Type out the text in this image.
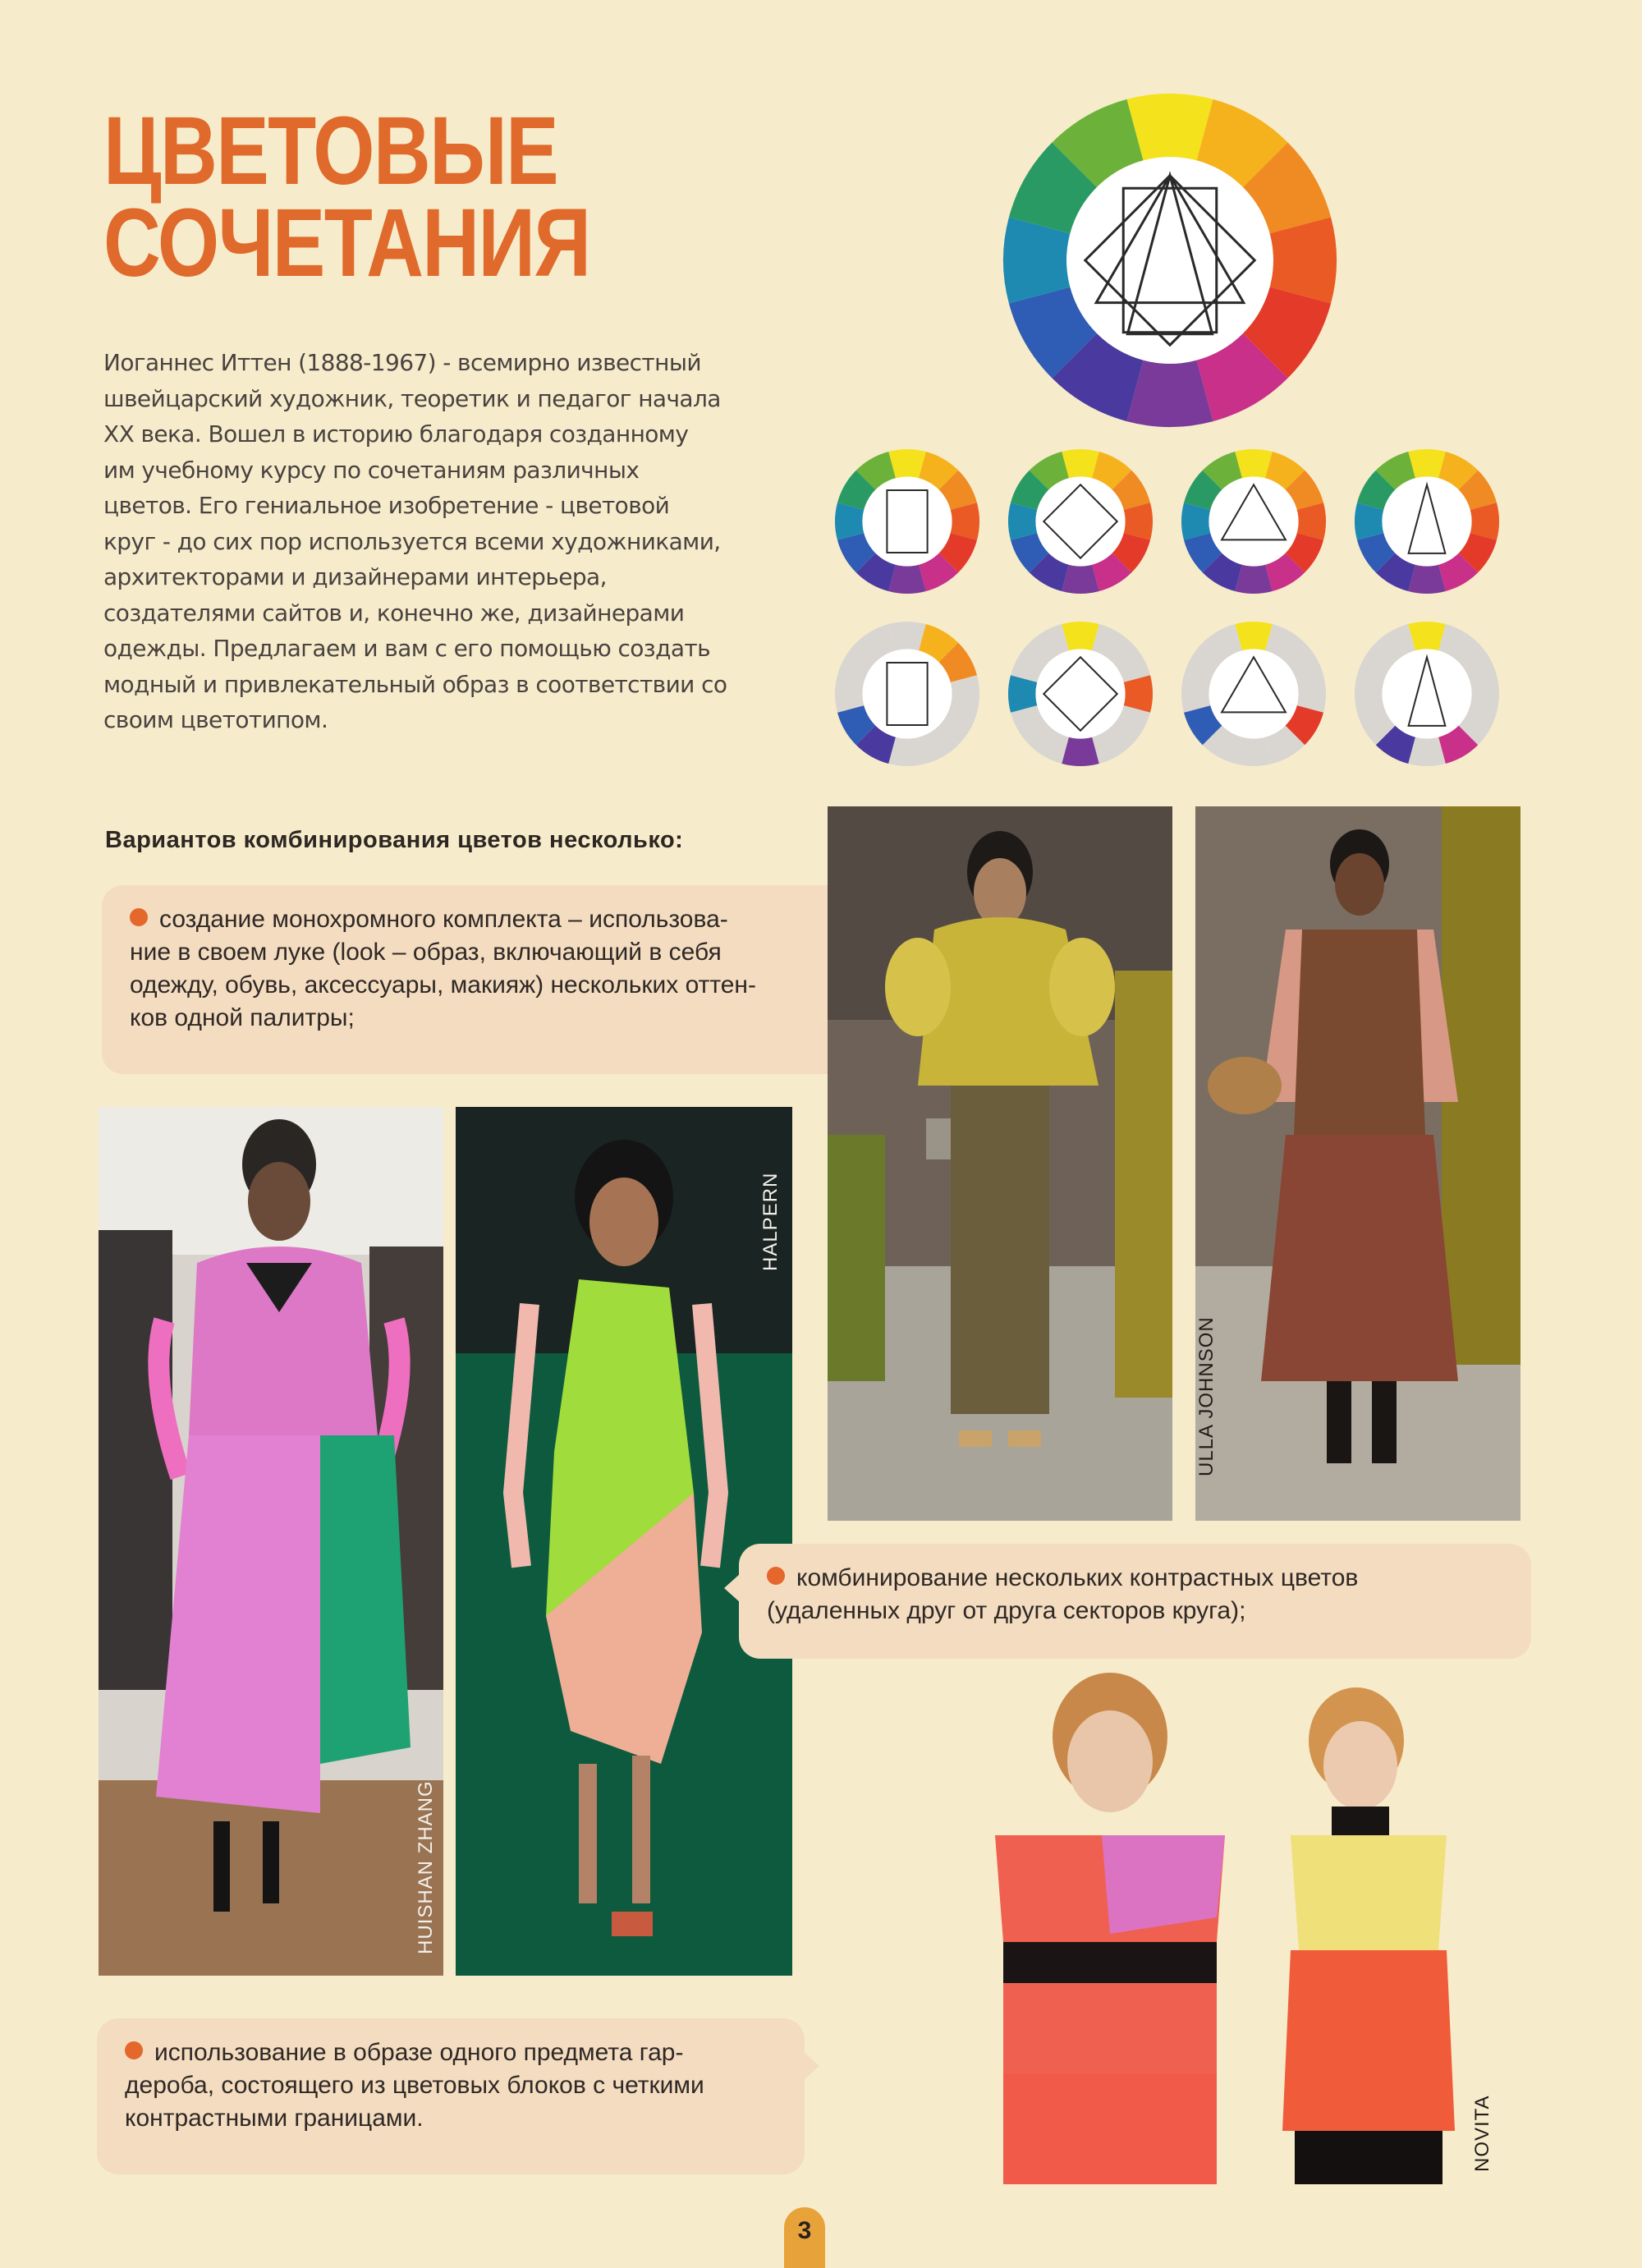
ЦВЕТОВЫЕ
СОЧЕТАНИЯ
Иоганнес Иттен (1888-1967) - всемирно известный
швейцарский художник, теоретик и педагог начала
XX века. Вошел в историю благодаря созданному
им учебному курсу по сочетаниям различных
цветов. Его гениальное изобретение - цветовой
круг - до сих пор используется всеми художниками,
архитекторами и дизайнерами интерьера,
создателями сайтов и, конечно же, дизайнерами
одежды. Предлагаем и вам с его помощью создать
модный и привлекательный образ в соответствии со
своим цветотипом.
Вариантов комбинирования цветов несколько:
создание монохромного комплекта – использова-
ние в своем луке (look – образ, включающий в себя
одежду, обувь, аксессуары, макияж) нескольких оттен-
ков одной палитры;
HUISHAN ZHANG
HALPERN
ULLA JOHNSON
комбинирование нескольких контрастных цветов
(удаленных друг от друга секторов круга);
NOVITA
использование в образе одного предмета гар-
дероба, состоящего из цветовых блоков с четкими
контрастными границами.
3
